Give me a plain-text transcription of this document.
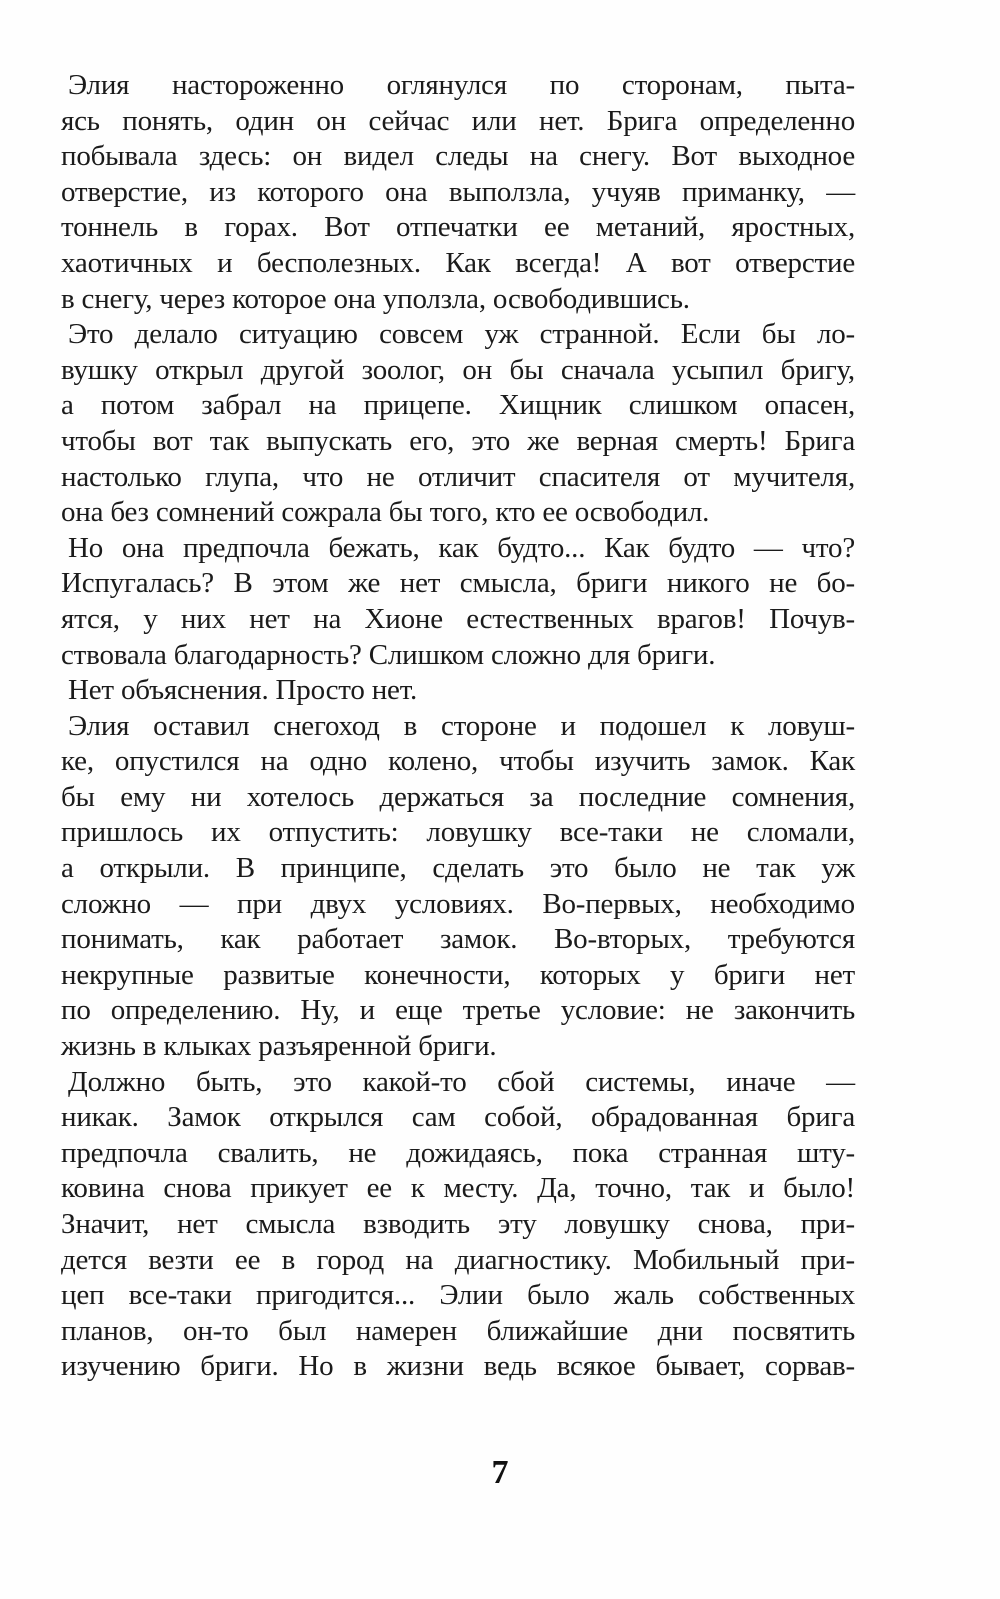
Элия настороженно оглянулся по сторонам, пыта-
ясь понять, один он сейчас или нет. Брига определенно
побывала здесь: он видел следы на снегу. Вот выходное
отверстие, из которого она выползла, учуяв приманку, —
тоннель в горах. Вот отпечатки ее метаний, яростных,
хаотичных и бесполезных. Как всегда! А вот отверстие
в снегу, через которое она уползла, освободившись.
Это делало ситуацию совсем уж странной. Если бы ло-
вушку открыл другой зоолог, он бы сначала усыпил бригу,
а потом забрал на прицепе. Хищник слишком опасен,
чтобы вот так выпускать его, это же верная смерть! Брига
настолько глупа, что не отличит спасителя от мучителя,
она без сомнений сожрала бы того, кто ее освободил.
Но она предпочла бежать, как будто... Как будто — что?
Испугалась? В этом же нет смысла, бриги никого не бо-
ятся, у них нет на Хионе естественных врагов! Почув-
ствовала благодарность? Слишком сложно для бриги.
Нет объяснения. Просто нет.
Элия оставил снегоход в стороне и подошел к ловуш-
ке, опустился на одно колено, чтобы изучить замок. Как
бы ему ни хотелось держаться за последние сомнения,
пришлось их отпустить: ловушку все-таки не сломали,
а открыли. В принципе, сделать это было не так уж
сложно — при двух условиях. Во-первых, необходимо
понимать, как работает замок. Во-вторых, требуются
некрупные развитые конечности, которых у бриги нет
по определению. Ну, и еще третье условие: не закончить
жизнь в клыках разъяренной бриги.
Должно быть, это какой-то сбой системы, иначе —
никак. Замок открылся сам собой, обрадованная брига
предпочла свалить, не дожидаясь, пока странная шту-
ковина снова прикует ее к месту. Да, точно, так и было!
Значит, нет смысла взводить эту ловушку снова, при-
дется везти ее в город на диагностику. Мобильный при-
цеп все-таки пригодится... Элии было жаль собственных
планов, он-то был намерен ближайшие дни посвятить
изучению бриги. Но в жизни ведь всякое бывает, сорвав-
7
